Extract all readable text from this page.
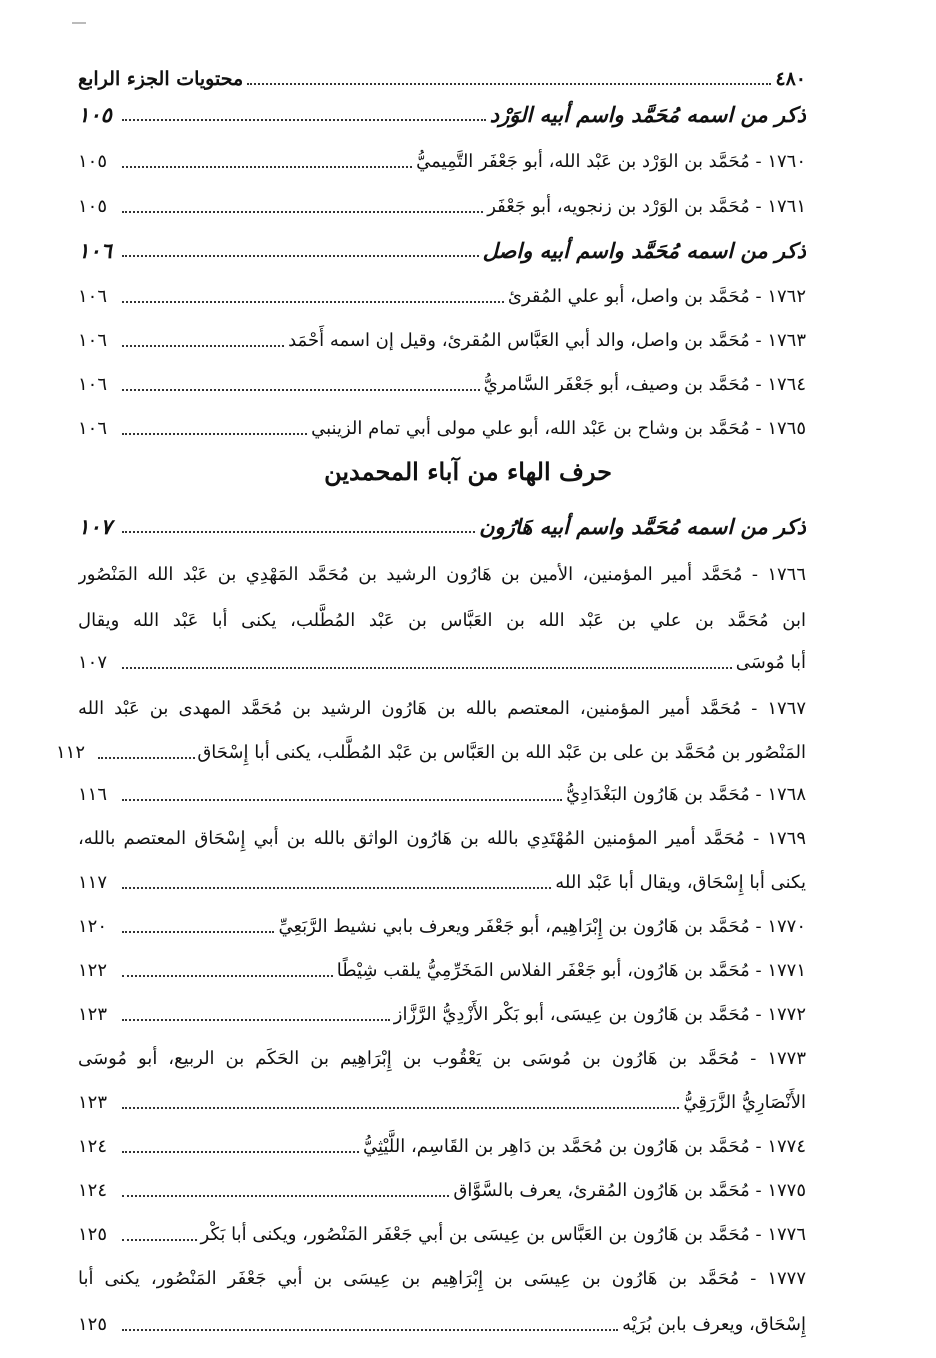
٤٨٠
محتويات الجزء الرابع
ذكر من اسمه مُحَمَّد واسم أبيه الوَرْد
١٠٥
١٧٦٠ - مُحَمَّد بن الوَرْد بن عَبْد الله، أبو جَعْفَر التَّمِيميُّ
١٠٥
١٧٦١ - مُحَمَّد بن الوَرْد بن زنجويه، أبو جَعْفَر
١٠٥
ذكر من اسمه مُحَمَّد واسم أبيه واصل
١٠٦
١٧٦٢ - مُحَمَّد بن واصل، أبو علي المُقرئ
١٠٦
١٧٦٣ - مُحَمَّد بن واصل، والد أبي العَبَّاس المُقرئ، وقيل إن اسمه أَحْمَد
١٠٦
١٧٦٤ - مُحَمَّد بن وصيف، أبو جَعْفَر السَّامريُّ
١٠٦
١٧٦٥ - مُحَمَّد بن وشاح بن عَبْد الله، أبو علي مولى أبي تمام الزينبي
١٠٦
حرف الهاء من آباء المحمدين
ذكر من اسمه مُحَمَّد واسم أبيه هَارُون
١٠٧
١٧٦٦ - مُحَمَّد أمير المؤمنين، الأمين بن هَارُون الرشيد بن مُحَمَّد المَهْدِي بن عَبْد الله المَنْصُور
ابن مُحَمَّد بن علي بن عَبْد الله بن العَبَّاس بن عَبْد المُطَّلب، يكنى أبا عَبْد الله ويقال
أبا مُوسَى
١٠٧
١٧٦٧ - مُحَمَّد أمير المؤمنين، المعتصم بالله بن هَارُون الرشيد بن مُحَمَّد المهدى بن عَبْد الله
المَنْصُور بن مُحَمَّد بن على بن عَبْد الله بن العَبَّاس بن عَبْد المُطَّلب، يكنى أبا إِسْحَاق
١١٢
١٧٦٨ - مُحَمَّد بن هَارُون البَغْدَادِيُّ
١١٦
١٧٦٩ - مُحَمَّد أمير المؤمنين المُهْتَدِي بالله بن هَارُون الواثق بالله بن أبي إِسْحَاق المعتصم بالله،
يكنى أبا إِسْحَاق، ويقال أبا عَبْد الله
١١٧
١٧٧٠ - مُحَمَّد بن هَارُون بن إِبْرَاهِيم، أبو جَعْفَر ويعرف بابي نشيط الرَّبَعِيِّ
١٢٠
١٧٧١ - مُحَمَّد بن هَارُون، أبو جَعْفَر الفلاس المَخَرِّمِيُّ يلقب شِيْطًا
١٢٢
١٧٧٢ - مُحَمَّد بن هَارُون بن عِيسَى، أبو بَكْر الأَزْدِيُّ الرَّزَّاز
١٢٣
١٧٧٣ - مُحَمَّد بن هَارُون بن مُوسَى بن يَعْقُوب بن إِبْرَاهِيم بن الحَكَم بن الربيع، أبو مُوسَى
الأَنْصَارِيُّ الزَّرَقِيُّ
١٢٣
١٧٧٤ - مُحَمَّد بن هَارُون بن مُحَمَّد بن دَاهِر بن القَاسِم، اللَّيْثِيُّ
١٢٤
١٧٧٥ - مُحَمَّد بن هَارُون المُقرئ، يعرف بالسَّوَّاق
١٢٤
١٧٧٦ - مُحَمَّد بن هَارُون بن العَبَّاس بن عِيسَى بن أبي جَعْفَر المَنْصُور، ويكنى أبا بَكْر
١٢٥
١٧٧٧ - مُحَمَّد بن هَارُون بن عِيسَى بن إِبْرَاهِيم بن عِيسَى بن أبي جَعْفَر المَنْصُور، يكنى أبا
إِسْحَاق، ويعرف بابن بُرَيْه
١٢٥
